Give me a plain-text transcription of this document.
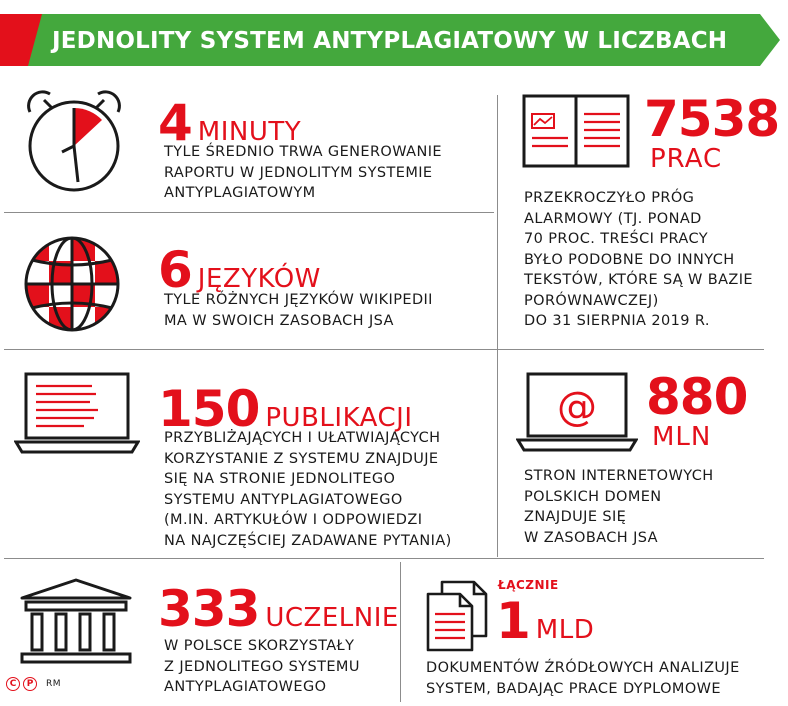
JEDNOLITY SYSTEM ANTYPLAGIATOWY W LICZBACH
4 MINUTY
TYLE ŚREDNIO TRWA GENEROWANIE
RAPORTU W JEDNOLITYM SYSTEMIE
ANTYPLAGIATOWYM
6 JĘZYKÓW
TYLE RÓŻNYCH JĘZYKÓW WIKIPEDII
MA W SWOICH ZASOBACH JSA
150 PUBLIKACJI
PRZYBLIŻAJĄCYCH I UŁATWIAJĄCYCH
KORZYSTANIE Z SYSTEMU ZNAJDUJE
SIĘ NA STRONIE JEDNOLITEGO
SYSTEMU ANTYPLAGIATOWEGO
(M.IN. ARTYKUŁÓW I ODPOWIEDZI
NA NAJCZĘŚCIEJ ZADAWANE PYTANIA)
333 UCZELNIE
W POLSCE SKORZYSTAŁY
Z JEDNOLITEGO SYSTEMU
ANTYPLAGIATOWEGO
7538
PRAC
PRZEKROCZYŁO PRÓG
ALARMOWY (TJ. PONAD
70 PROC. TREŚCI PRACY
BYŁO PODOBNE DO INNYCH
TEKSTÓW, KTÓRE SĄ W BAZIE
PORÓWNAWCZEJ)
DO 31 SIERPNIA 2019 R.
@ 880
MLN
STRON INTERNETOWYCH
POLSKICH DOMEN
ZNAJDUJE SIĘ
W ZASOBACH JSA
ŁĄCZNIE
1 MLD
DOKUMENTÓW ŹRÓDŁOWYCH ANALIZUJE
SYSTEM, BADAJĄC PRACE DYPLOMOWE
C	P	RM
